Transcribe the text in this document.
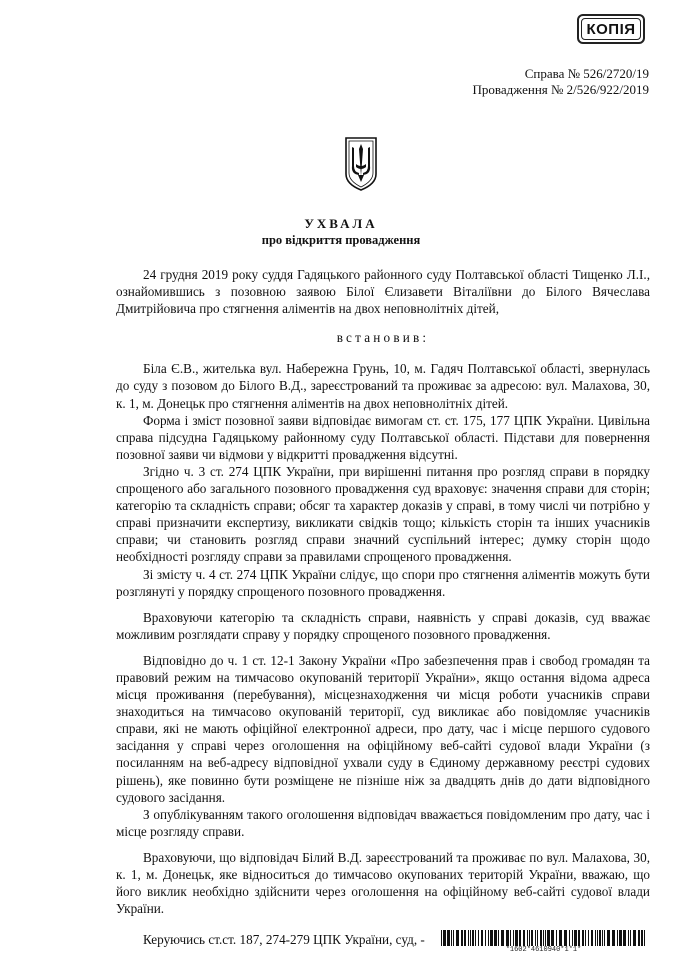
КОПІЯ
Справа № 526/2720/19
Провадження № 2/526/922/2019
УХВАЛА
про відкриття провадження

24 грудня 2019 року суддя Гадяцького районного суду Полтавської області Тищенко Л.І., ознайомившись з позовною заявою Білої Єлизавети Віталіївни до Білого Вячеслава Дмитрійовича про стягнення аліментів на двох неповнолітніх дітей,

встановив:

Біла Є.В., жителька вул. Набережна Грунь, 10, м. Гадяч Полтавської області, звернулась до суду з позовом до Білого В.Д., зареєстрований та проживає за адресою: вул. Малахова, 30, к. 1, м. Донецьк про стягнення аліментів на двох неповнолітніх дітей.

Форма і зміст позовної заяви відповідає вимогам ст. ст. 175, 177 ЦПК України. Цивільна справа підсудна Гадяцькому районному суду Полтавської області. Підстави для повернення позовної заяви чи відмови у відкритті провадження відсутні.

Згідно ч. 3 ст. 274 ЦПК України, при вирішенні питання про розгляд справи в порядку спрощеного або загального позовного провадження суд враховує: значення справи для сторін; категорію та складність справи; обсяг та характер доказів у справі, в тому числі чи потрібно у справі призначити експертизу, викликати свідків тощо; кількість сторін та інших учасників справи; чи становить розгляд справи значний суспільний інтерес; думку сторін щодо необхідності розгляду справи за правилами спрощеного провадження.

Зі змісту ч. 4 ст. 274 ЦПК України слідує, що спори про стягнення аліментів можуть бути розглянуті у порядку спрощеного позовного провадження.

Враховуючи категорію та складність справи, наявність у справі доказів, суд вважає можливим розглядати справу у порядку спрощеного позовного провадження.

Відповідно до ч. 1 ст. 12-1 Закону України «Про забезпечення прав і свобод громадян та правовий режим на тимчасово окупованій території України», якщо остання відома адреса місця проживання (перебування), місцезнаходження чи місця роботи учасників справи знаходиться на тимчасово окупованій території, суд викликає або повідомляє учасників справи, які не мають офіційної електронної адреси, про дату, час і місце першого судового засідання у справі через оголошення на офіційному веб-сайті судової влади України (з посиланням на веб-адресу відповідної ухвали суду в Єдиному державному реєстрі судових рішень), яке повинно бути розміщене не пізніше ніж за двадцять днів до дати відповідного судового засідання.

З опублікуванням такого оголошення відповідач вважається повідомленим про дату, час і місце розгляду справи.

Враховуючи, що відповідач Білий В.Д. зареєстрований та проживає по вул. Малахова, 30, к. 1, м. Донецьк, яке відноситься до тимчасово окупованих територій України, вважаю, що його виклик необхідно здійснити через оголошення на офіційному веб-сайті судової влади України.

Керуючись ст.ст. 187, 274-279 ЦПК України, суд, -

*1602*4610940*1*1*
